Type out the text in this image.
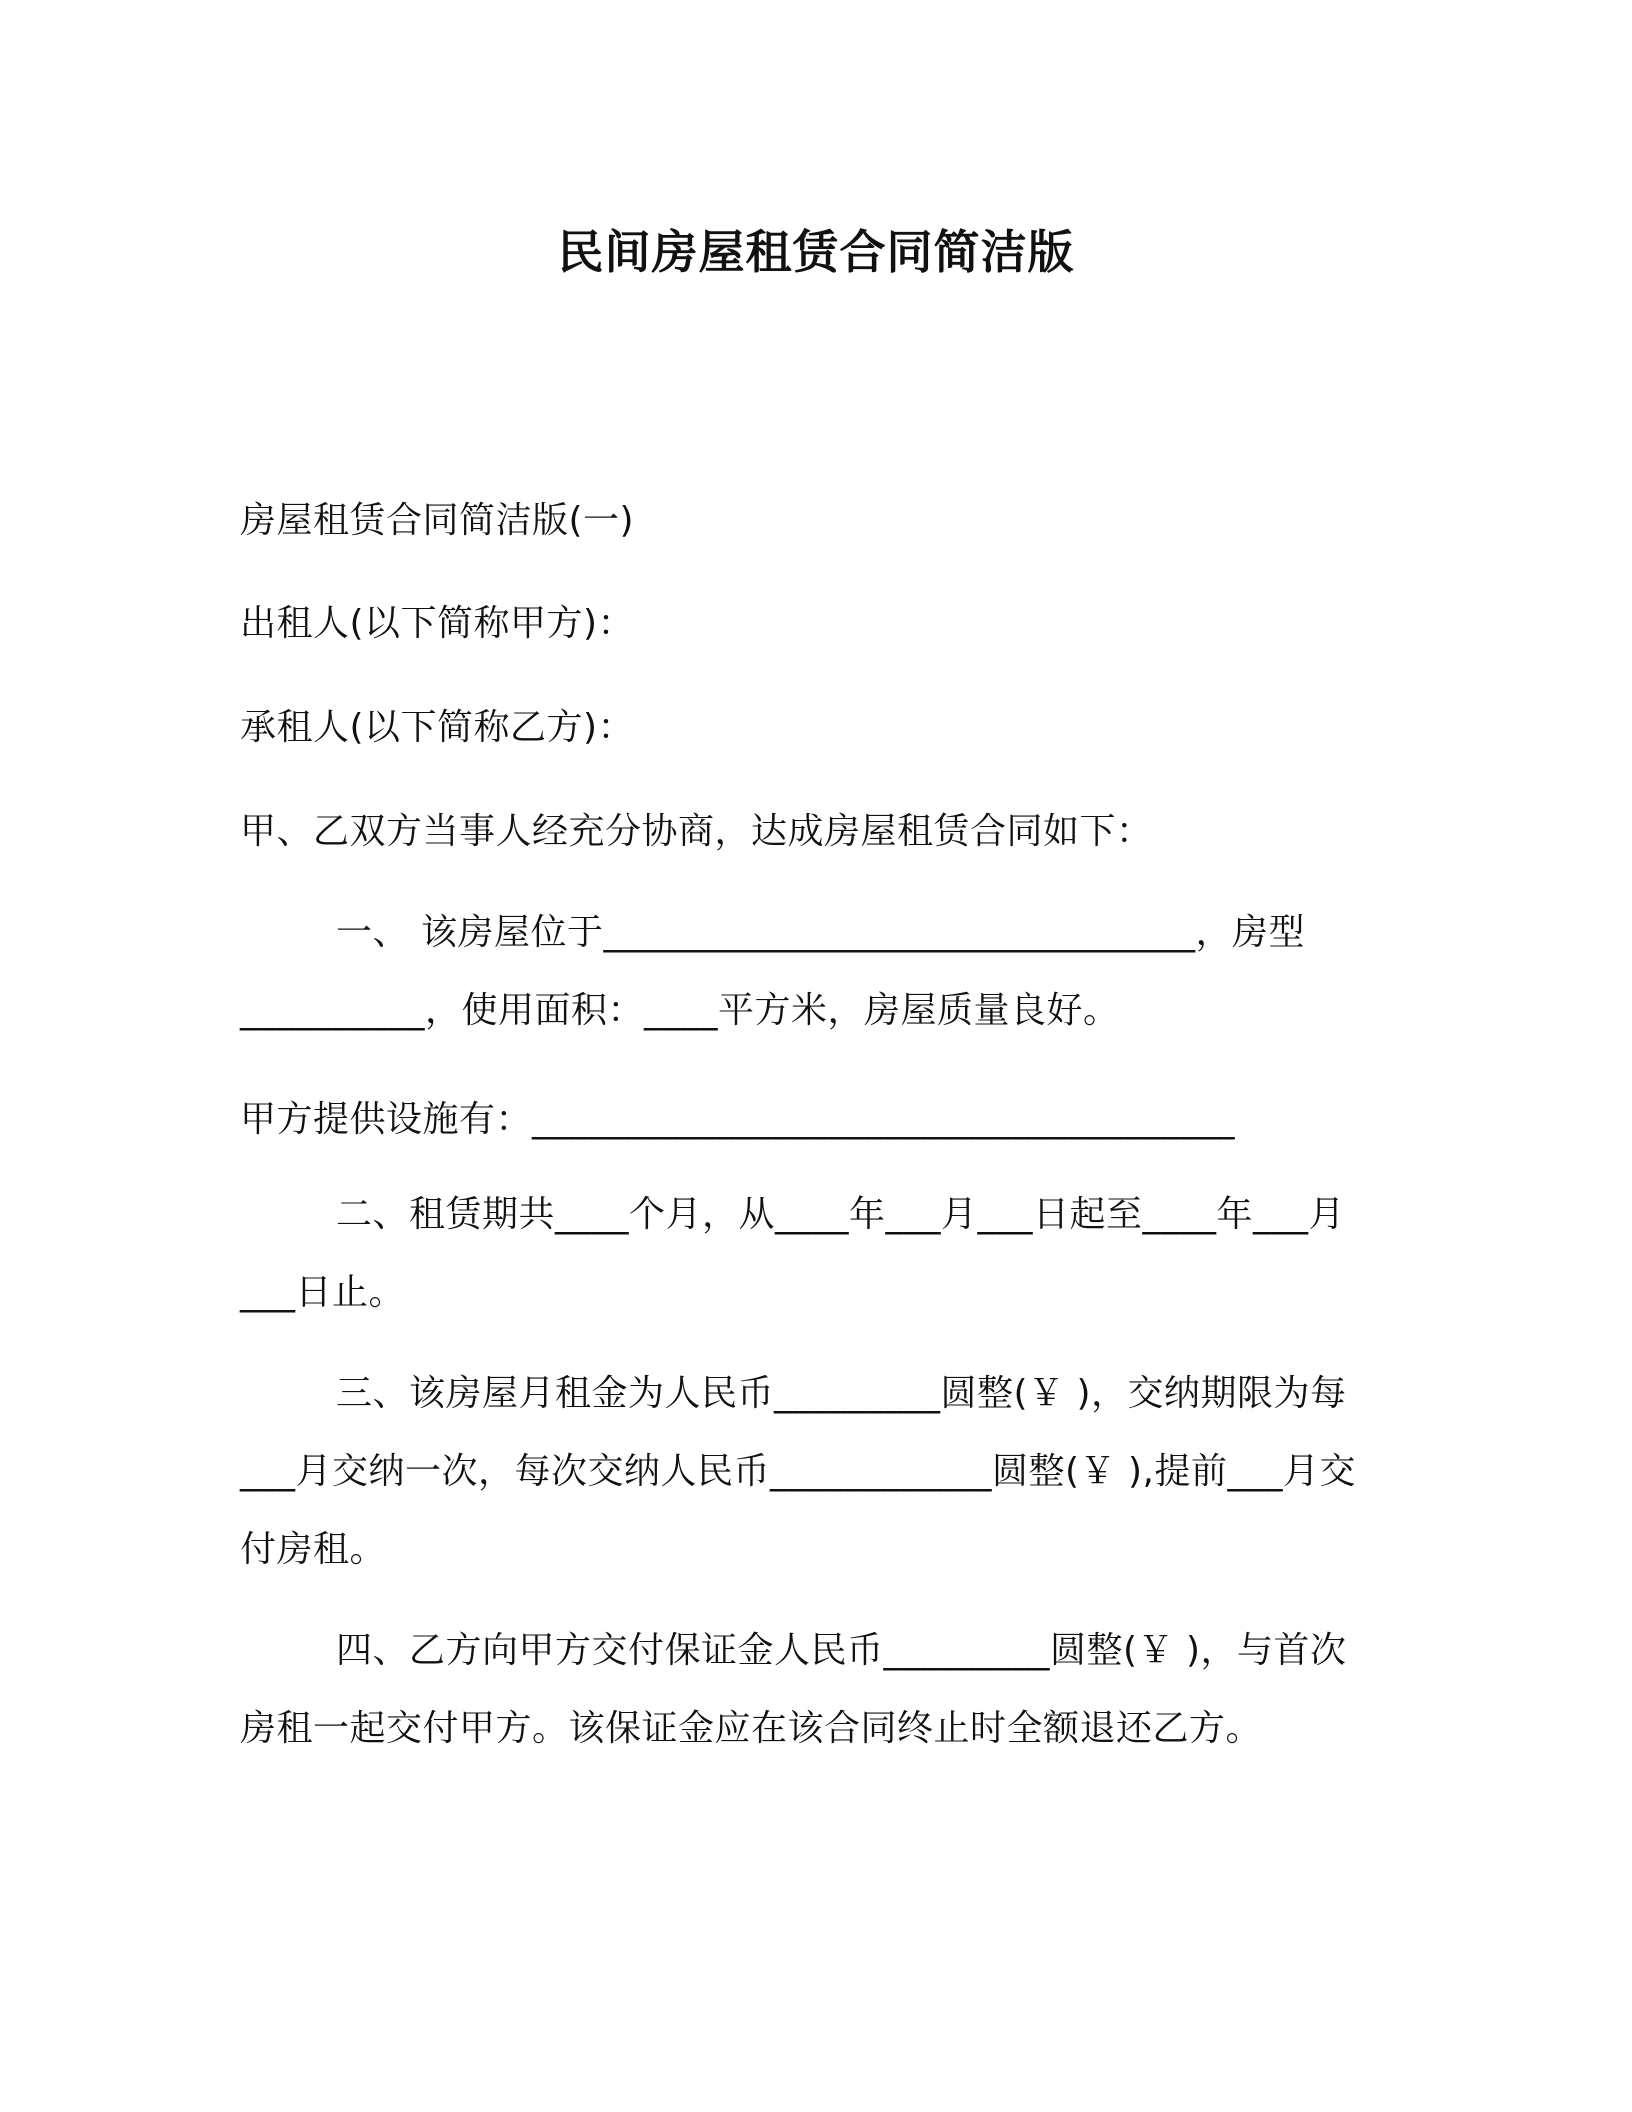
民间房屋租赁合同简洁版
房屋租赁合同简洁版(一)
出租人(以下简称甲方)：
承租人(以下简称乙方)：
甲、乙双方当事人经充分协商，达成房屋租赁合同如下：
一、 该房屋位于________________________________，房型__________，使用面积：____平方米，房屋质量良好。
甲方提供设施有：______________________________________
二、租赁期共____个月，从____年___月___日起至____年___月___日止。
三、该房屋月租金为人民币_________圆整(￥ )，交纳期限为每___月交纳一次，每次交纳人民币____________圆整(￥ ),提前___月交付房租。
四、乙方向甲方交付保证金人民币_________圆整(￥ )，与首次房租一起交付甲方。该保证金应在该合同终止时全额退还乙方。
